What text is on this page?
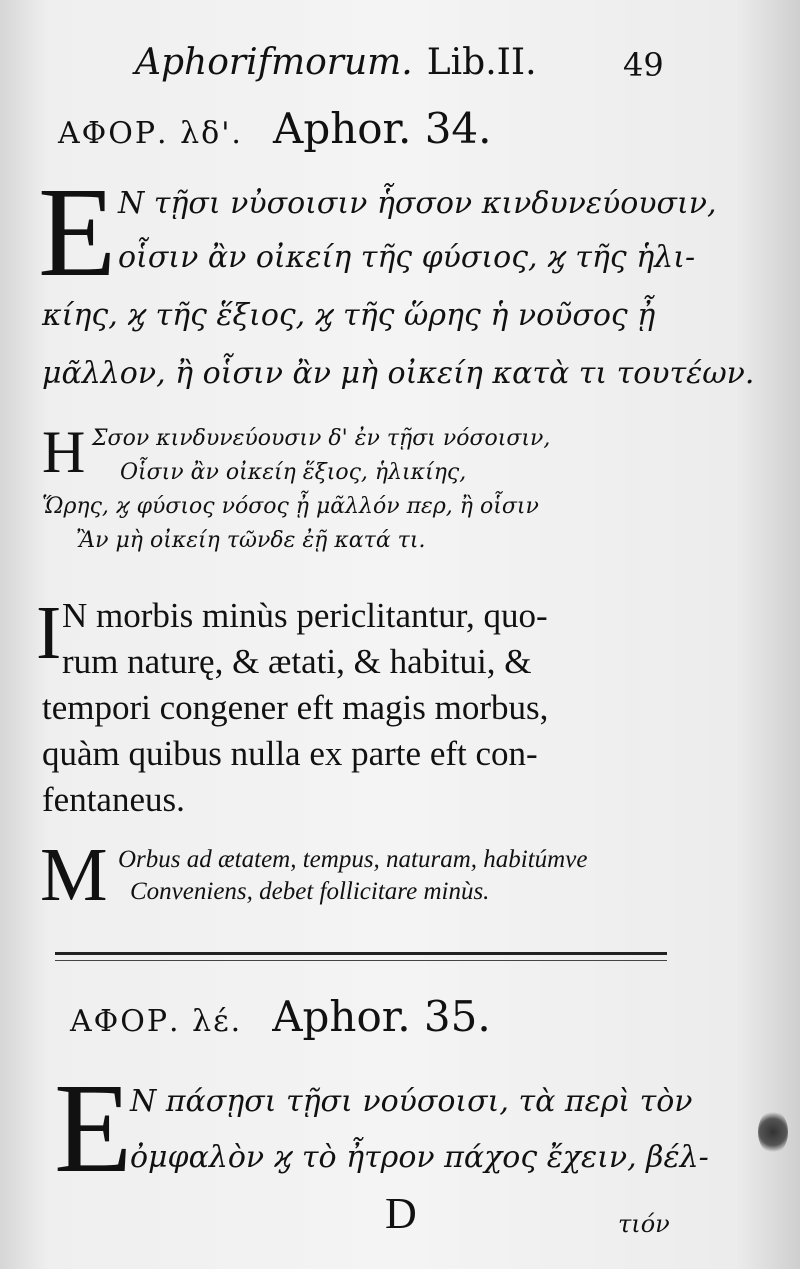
Aphorifmorum. Lib.II.	49
ΑΦΟΡ. λδ'. Aphor. 34.
E Ν τῇσι νὐσοισιν ἧσσον κινδυνεύουσιν,
οἷσιν ἂν οἰκείη τῆς φύσιος, ϗ τῆς ἡλι-
κίης, ϗ τῆς ἕξιος, ϗ τῆς ὥρης ἡ νοῦσος ᾖ
μᾶλλον, ἢ οἷσιν ἂν μὴ οἰκείη κατὰ τι τουτέων.
H Σσον κινδυνεύουσιν δ' ἐν τῇσι νόσοισιν,
Οἷσιν ἂν οἰκείη ἕξιος, ἡλικίης,
Ὥρης, ϗ φύσιος νόσος ᾖ μᾶλλόν περ, ἢ οἷσιν
Ἂν μὴ οἰκείη τῶνδε ἐῇ κατά τι.
I N morbis minùs periclitantur, quo-
rum naturę, & ætati, & habitui, &
tempori congener eft magis morbus,
quàm quibus nulla ex parte eft con-
fentaneus.
M Orbus ad ætatem, tempus, naturam, habitúmve
Conveniens, debet follicitare minùs.
ΑΦΟΡ. λέ. Aphor. 35.
E
Ν πάσῃσι τῇσι νούσοισι, τὰ περὶ τὸν
ὀμφαλὸν ϗ τὸ ἦτρον πάχος ἔχειν, βέλ-
D	τιόν
